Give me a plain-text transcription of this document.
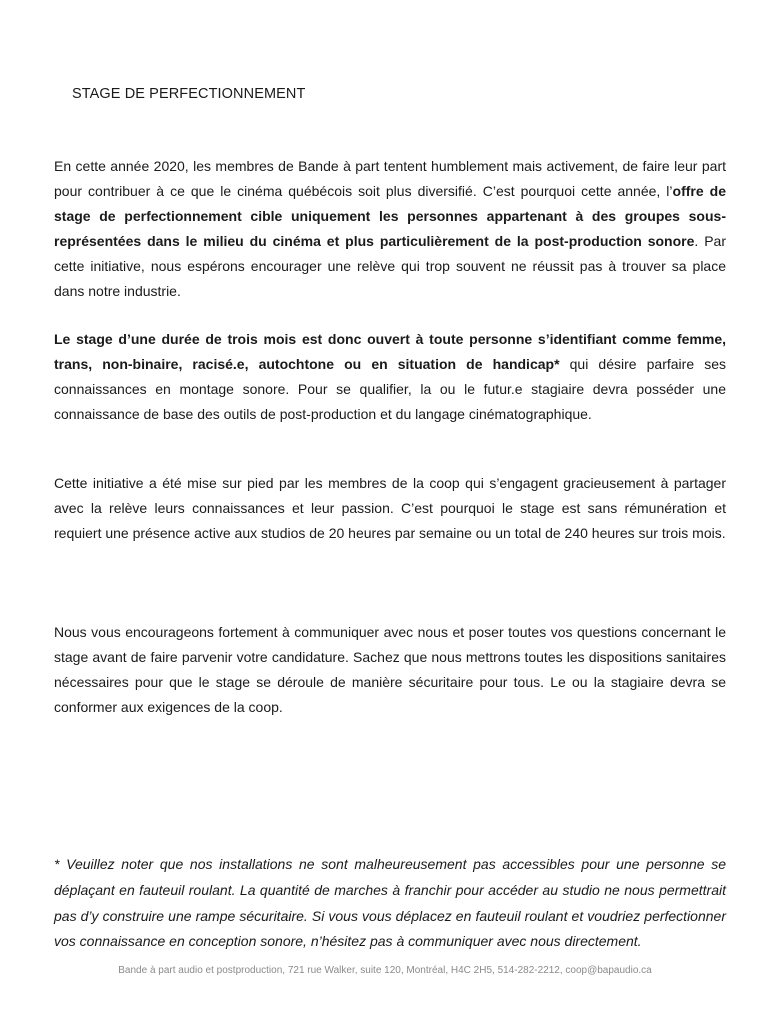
STAGE DE PERFECTIONNEMENT

En cette année 2020, les membres de Bande à part tentent humblement mais activement, de faire leur part pour contribuer à ce que le cinéma québécois soit plus diversifié. C’est pourquoi cette année, l’offre de stage de perfectionnement cible uniquement les personnes appartenant à des groupes sous-représentées dans le milieu du cinéma et plus particulièrement de la post-production sonore. Par cette initiative, nous espérons encourager une relève qui trop souvent ne réussit pas à trouver sa place dans notre industrie.

Le stage d’une durée de trois mois est donc ouvert à toute personne s’identifiant comme femme, trans, non-binaire, racisé.e, autochtone ou en situation de handicap* qui désire parfaire ses connaissances en montage sonore. Pour se qualifier, la ou le futur.e stagiaire devra posséder une connaissance de base des outils de post-production et du langage cinématographique.

Cette initiative a été mise sur pied par les membres de la coop qui s’engagent gracieusement à partager avec la relève leurs connaissances et leur passion. C’est pourquoi le stage est sans rémunération et requiert une présence active aux studios de 20 heures par semaine ou un total de 240 heures sur trois mois.

Nous vous encourageons fortement à communiquer avec nous et poser toutes vos questions concernant le stage avant de faire parvenir votre candidature. Sachez que nous mettrons toutes les dispositions sanitaires nécessaires pour que le stage se déroule de manière sécuritaire pour tous. Le ou la stagiaire devra se conformer aux exigences de la coop.

* Veuillez noter que nos installations ne sont malheureusement pas accessibles pour une personne se déplaçant en fauteuil roulant. La quantité de marches à franchir pour accéder au studio ne nous permettrait pas d’y construire une rampe sécuritaire. Si vous vous déplacez en fauteuil roulant et voudriez perfectionner vos connaissance en conception sonore, n’hésitez pas à communiquer avec nous directement.

Bande à part audio et postproduction, 721 rue Walker, suite 120, Montréal, H4C 2H5, 514-282-2212, coop@bapaudio.ca
